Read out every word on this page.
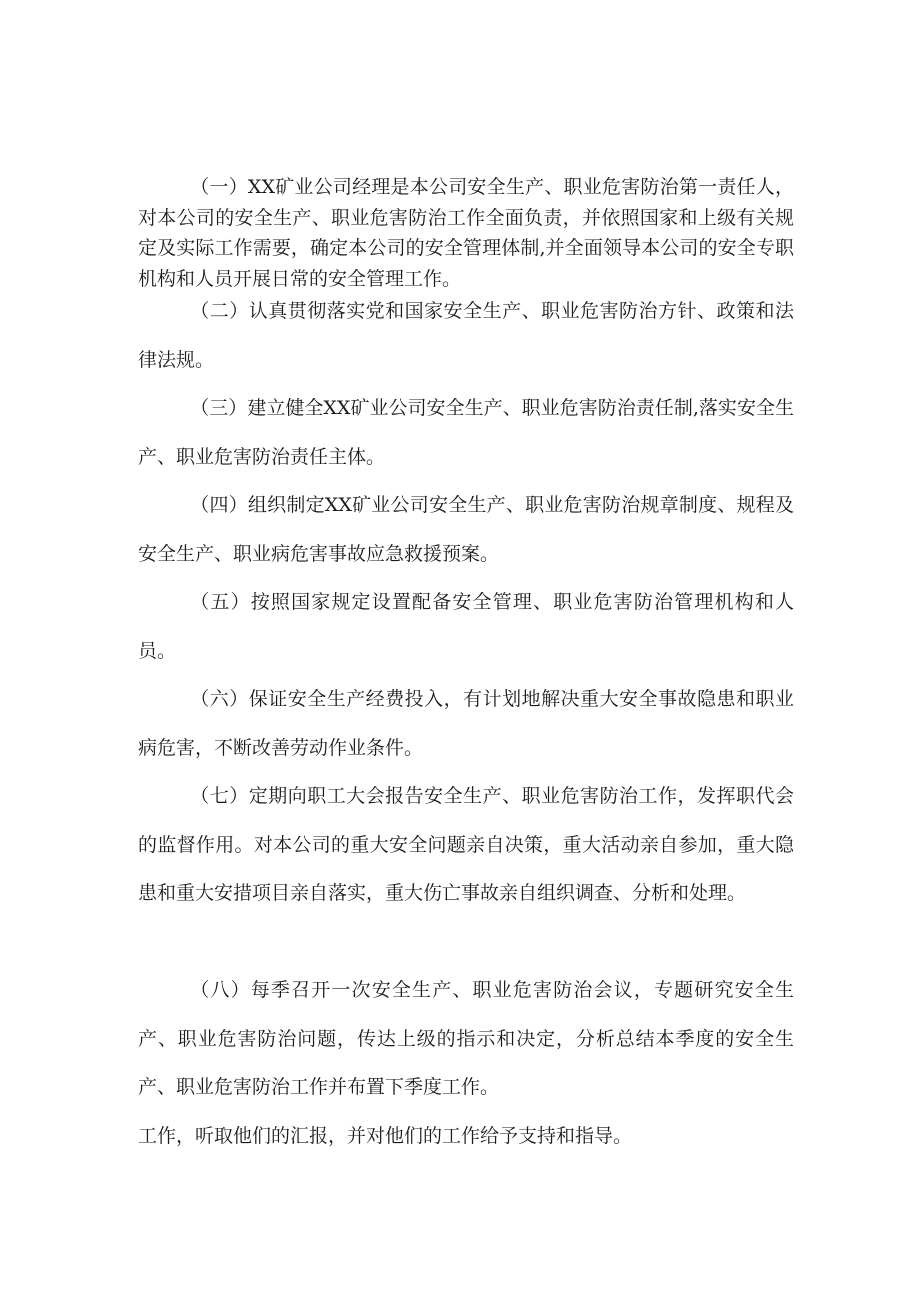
（一）XX矿业公司经理是本公司安全生产、职业危害防治第一责任人，对本公司的安全生产、职业危害防治工作全面负责，并依照国家和上级有关规定及实际工作需要，确定本公司的安全管理体制,并全面领导本公司的安全专职机构和人员开展日常的安全管理工作。

（二）认真贯彻落实党和国家安全生产、职业危害防治方针、政策和法律法规。

（三）建立健全XX矿业公司安全生产、职业危害防治责任制,落实安全生产、职业危害防治责任主体。

（四）组织制定XX矿业公司安全生产、职业危害防治规章制度、规程及安全生产、职业病危害事故应急救援预案。

（五）按照国家规定设置配备安全管理、职业危害防治管理机构和人员。

（六）保证安全生产经费投入，有计划地解决重大安全事故隐患和职业病危害，不断改善劳动作业条件。

（七）定期向职工大会报告安全生产、职业危害防治工作，发挥职代会的监督作用。对本公司的重大安全问题亲自决策，重大活动亲自参加，重大隐患和重大安措项目亲自落实，重大伤亡事故亲自组织调查、分析和处理。

（八）每季召开一次安全生产、职业危害防治会议，专题研究安全生产、职业危害防治问题，传达上级的指示和决定，分析总结本季度的安全生产、职业危害防治工作并布置下季度工作。

工作，听取他们的汇报，并对他们的工作给予支持和指导。
